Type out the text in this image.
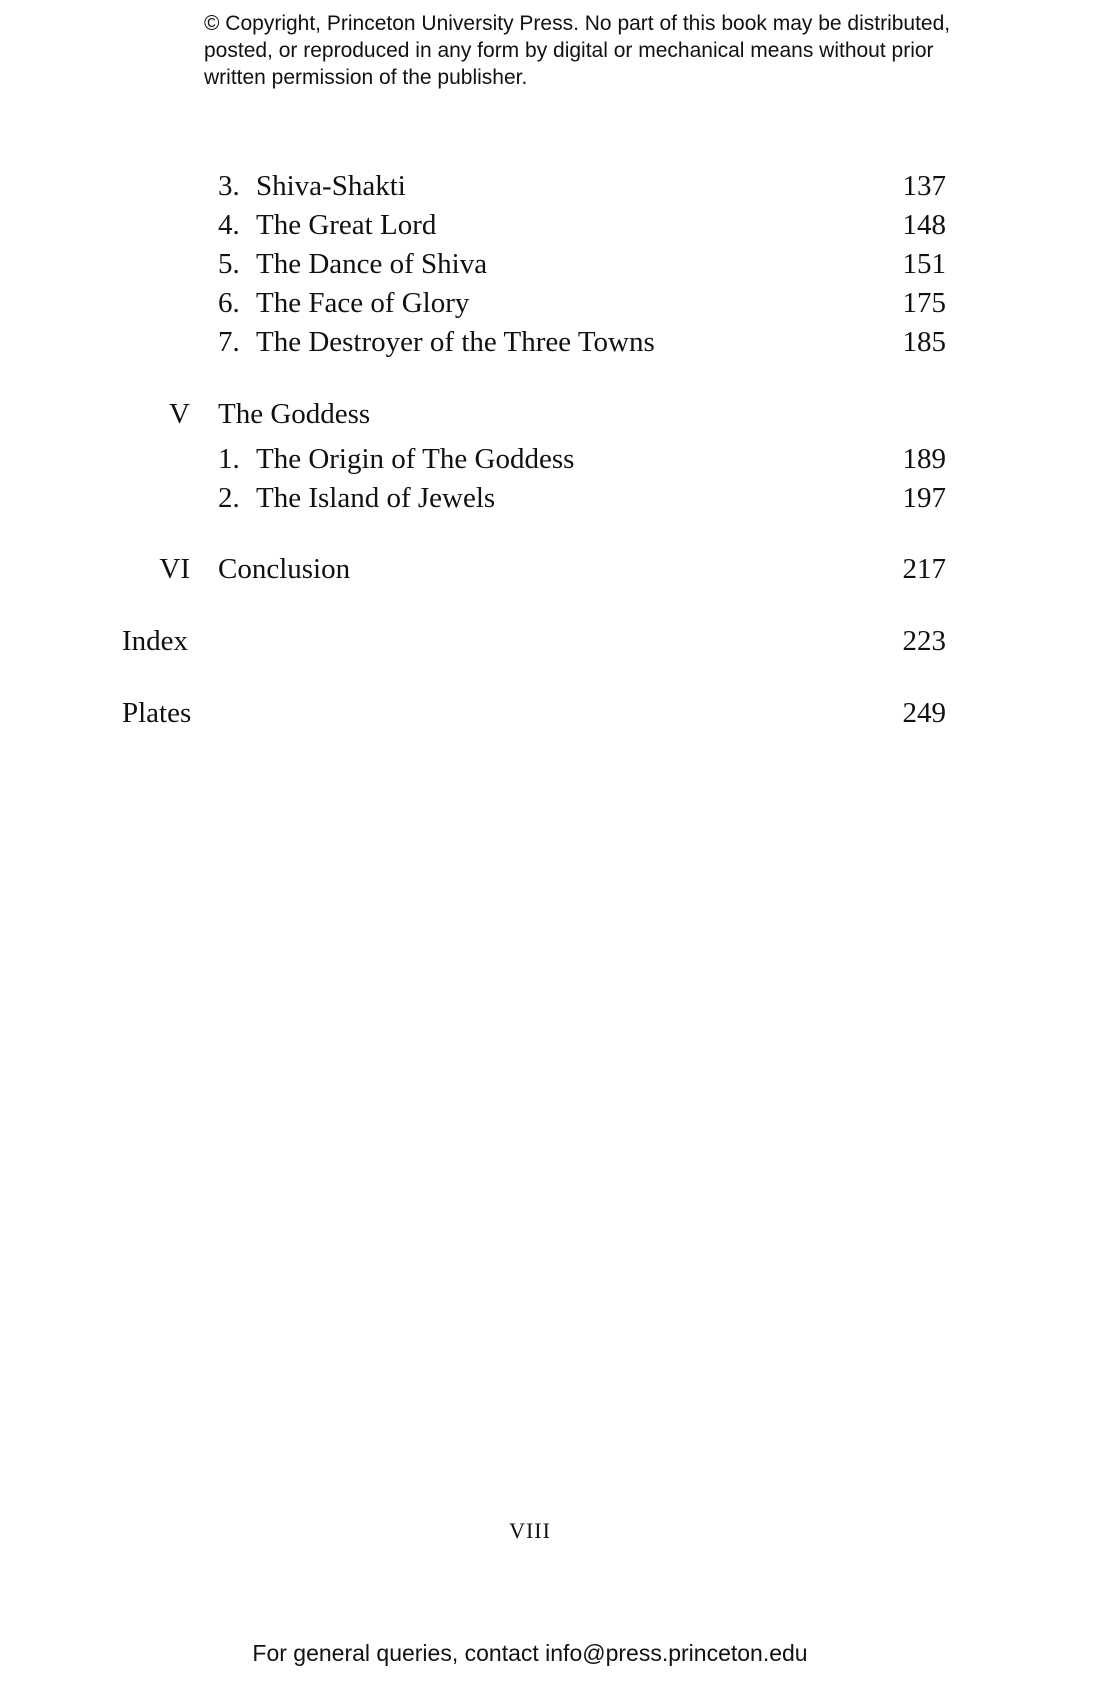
© Copyright, Princeton University Press. No part of this book may be distributed, posted, or reproduced in any form by digital or mechanical means without prior written permission of the publisher.
3. Shiva-Shakti	137
4. The Great Lord	148
5. The Dance of Shiva	151
6. The Face of Glory	175
7. The Destroyer of the Three Towns	185
V The Goddess
1. The Origin of The Goddess	189
2. The Island of Jewels	197
VI Conclusion	217
Index	223
Plates	249
VIII
For general queries, contact info@press.princeton.edu
